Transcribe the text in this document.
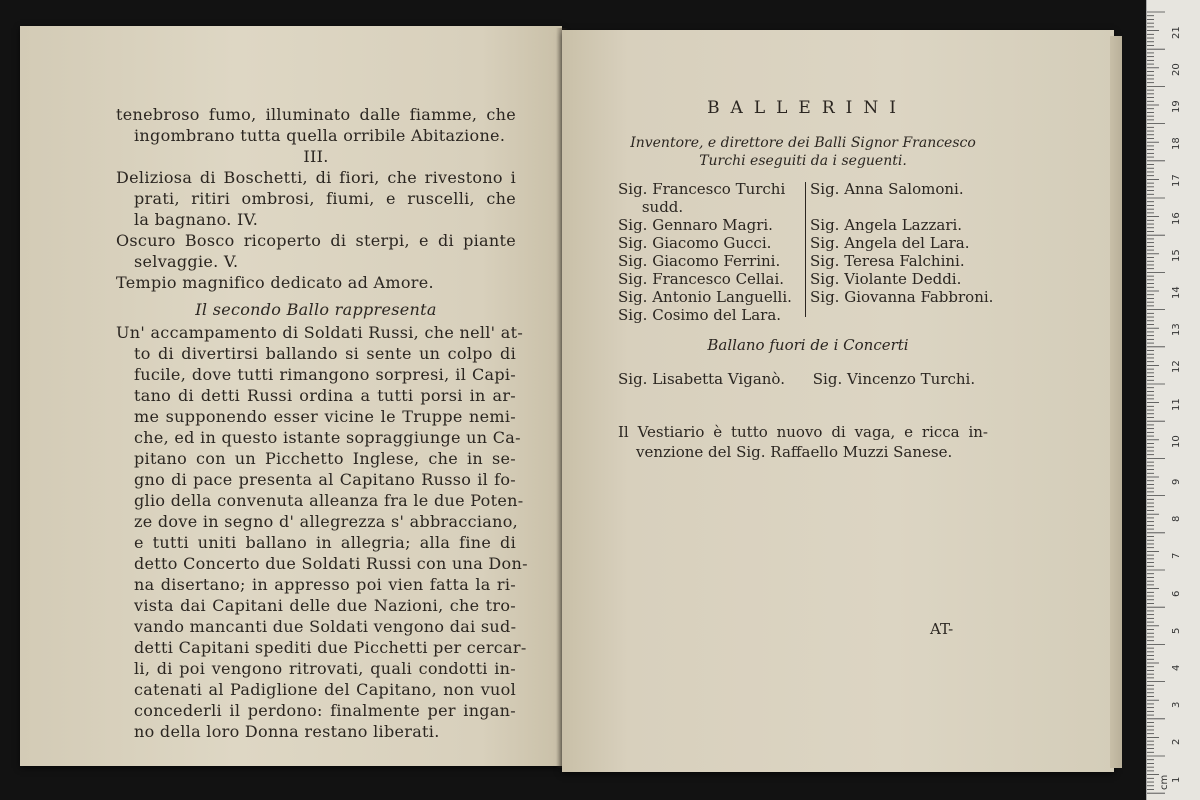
tenebroso fumo, illuminato dalle fiamme, che
ingombrano tutta quella orribile Abitazione.
III.
Deliziosa di Boschetti, di fiori, che rivestono i
prati, ritiri ombrosi, fiumi, e ruscelli, che
la bagnano. IV.
Oscuro Bosco ricoperto di sterpi, e di piante
selvaggie. V.
Tempio magnifico dedicato ad Amore.
Il secondo Ballo rappresenta
Un' accampamento di Soldati Russi, che nell' at-
to di divertirsi ballando si sente un colpo di
fucile, dove tutti rimangono sorpresi, il Capi-
tano di detti Russi ordina a tutti porsi in ar-
me supponendo esser vicine le Truppe nemi-
che, ed in questo istante sopraggiunge un Ca-
pitano con un Picchetto Inglese, che in se-
gno di pace presenta al Capitano Russo il fo-
glio della convenuta alleanza fra le due Poten-
ze dove in segno d' allegrezza s' abbracciano,
e tutti uniti ballano in allegria; alla fine di
detto Concerto due Soldati Russi con una Don-
na disertano; in appresso poi vien fatta la ri-
vista dai Capitani delle due Nazioni, che tro-
vando mancanti due Soldati vengono dai sud-
detti Capitani spediti due Picchetti per cercar-
li, di poi vengono ritrovati, quali condotti in-
catenati al Padiglione del Capitano, non vuol
concederli il perdono: finalmente per ingan-
no della loro Donna restano liberati.
BALLERINI
Inventore, e direttore dei Balli Signor Francesco
Turchi eseguiti da i seguenti.
Sig. Francesco Turchi
sudd.
Sig. Gennaro Magri.
Sig. Giacomo Gucci.
Sig. Giacomo Ferrini.
Sig. Francesco Cellai.
Sig. Antonio Languelli.
Sig. Cosimo del Lara.
Sig. Anna Salomoni.
Sig. Angela Lazzari.
Sig. Angela del Lara.
Sig. Teresa Falchini.
Sig. Violante Deddi.
Sig. Giovanna Fabbroni.
Ballano fuori de i Concerti
Sig. Lisabetta Viganò. Sig. Vincenzo Turchi.
Il Vestiario è tutto nuovo di vaga, e ricca in-
venzione del Sig. Raffaello Muzzi Sanese.
AT-
21
20
19
18
17
16
15
14
13
12
11
10
9
8
7
6
5
4
3
2
1
cm
